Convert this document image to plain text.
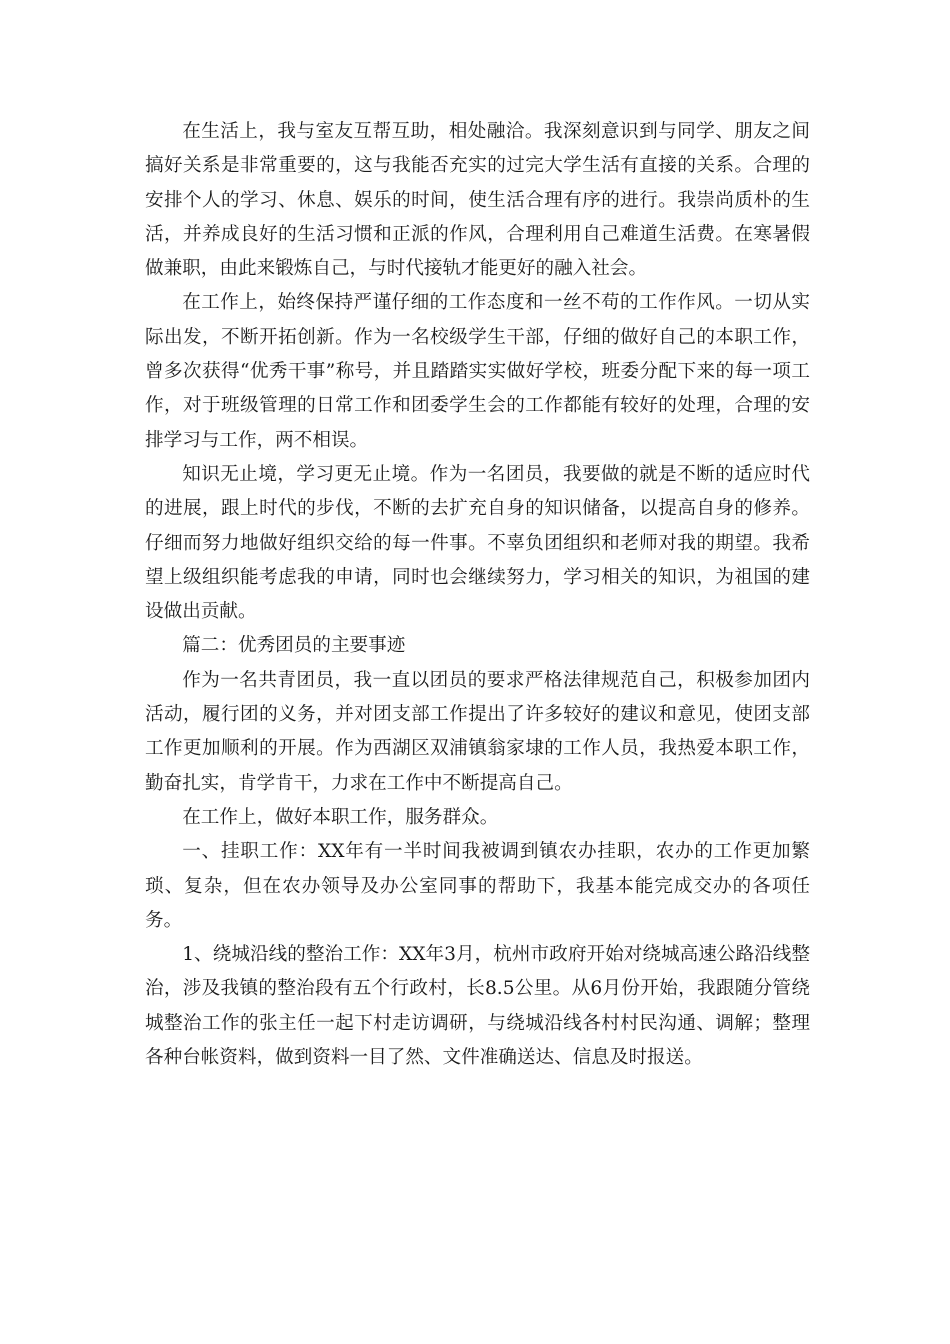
在生活上，我与室友互帮互助，相处融洽。我深刻意识到与同学、朋友之间搞好关系是非常重要的，这与我能否充实的过完大学生活有直接的关系。合理的安排个人的学习、休息、娱乐的时间，使生活合理有序的进行。我崇尚质朴的生活，并养成良好的生活习惯和正派的作风，合理利用自己难道生活费。在寒暑假做兼职，由此来锻炼自己，与时代接轨才能更好的融入社会。

在工作上，始终保持严谨仔细的工作态度和一丝不苟的工作作风。一切从实际出发，不断开拓创新。作为一名校级学生干部，仔细的做好自己的本职工作，曾多次获得“优秀干事”称号，并且踏踏实实做好学校，班委分配下来的每一项工作，对于班级管理的日常工作和团委学生会的工作都能有较好的处理，合理的安排学习与工作，两不相误。

知识无止境，学习更无止境。作为一名团员，我要做的就是不断的适应时代的进展，跟上时代的步伐，不断的去扩充自身的知识储备，以提高自身的修养。仔细而努力地做好组织交给的每一件事。不辜负团组织和老师对我的期望。我希望上级组织能考虑我的申请，同时也会继续努力，学习相关的知识，为祖国的建设做出贡献。

篇二：优秀团员的主要事迹

作为一名共青团员，我一直以团员的要求严格法律规范自己，积极参加团内活动，履行团的义务，并对团支部工作提出了许多较好的建议和意见，使团支部工作更加顺利的开展。作为西湖区双浦镇翁家埭的工作人员，我热爱本职工作，勤奋扎实，肯学肯干，力求在工作中不断提高自己。

在工作上，做好本职工作，服务群众。

一、挂职工作：XX年有一半时间我被调到镇农办挂职，农办的工作更加繁琐、复杂，但在农办领导及办公室同事的帮助下，我基本能完成交办的各项任务。

1、绕城沿线的整治工作：XX年3月，杭州市政府开始对绕城高速公路沿线整治，涉及我镇的整治段有五个行政村，长8.5公里。从6月份开始，我跟随分管绕城整治工作的张主任一起下村走访调研，与绕城沿线各村村民沟通、调解；整理各种台帐资料，做到资料一目了然、文件准确送达、信息及时报送。
